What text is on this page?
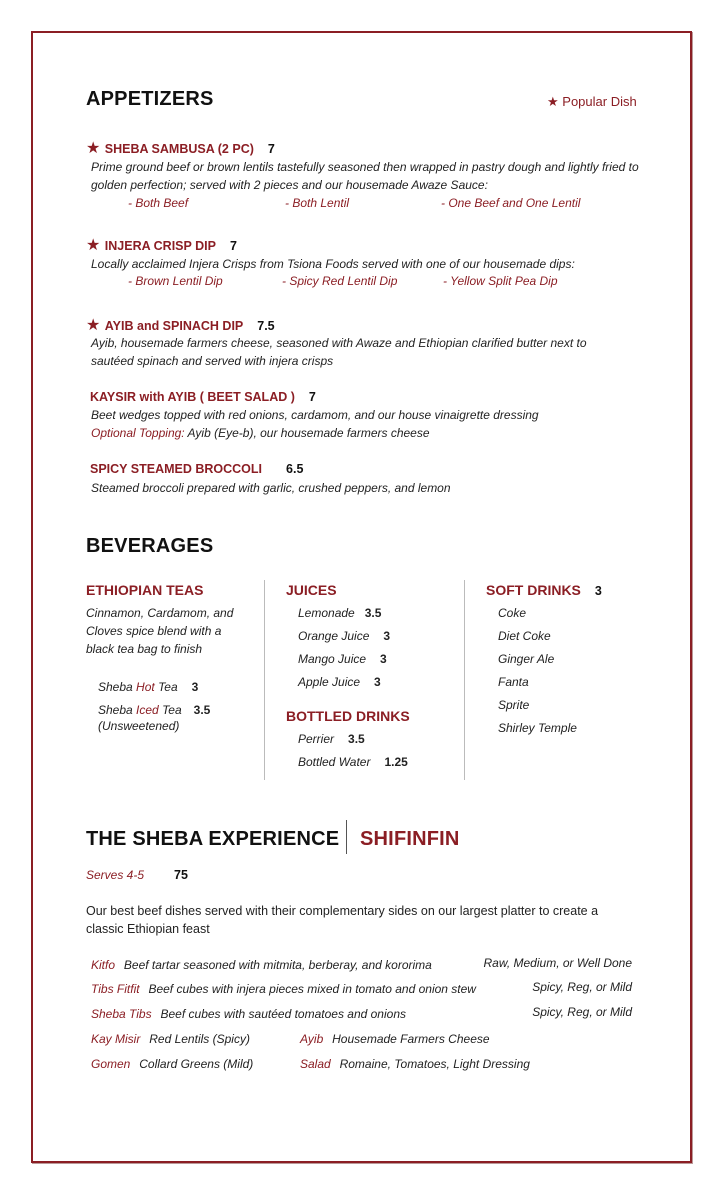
APPETIZERS	★ Popular Dish
★ SHEBA SAMBUSA (2 PC) 7
Prime ground beef or brown lentils tastefully seasoned then wrapped in pastry dough and lightly fried to
golden perfection; served with 2 pieces and our housemade Awaze Sauce:
- Both Beef	- Both Lentil	- One Beef and One Lentil
★ INJERA CRISP DIP 7
Locally acclaimed Injera Crisps from Tsiona Foods served with one of our housemade dips:
- Brown Lentil Dip	- Spicy Red Lentil Dip	- Yellow Split Pea Dip
★ AYIB and SPINACH DIP 7.5
Ayib, housemade farmers cheese, seasoned with Awaze and Ethiopian clarified butter next to
sautéed spinach and served with injera crisps
KAYSIR with AYIB ( BEET SALAD ) 7
Beet wedges topped with red onions, cardamom, and our house vinaigrette dressing
Optional Topping: Ayib (Eye-b), our housemade farmers cheese
SPICY STEAMED BROCCOLI 6.5
Steamed broccoli prepared with garlic, crushed peppers, and lemon
BEVERAGES
ETHIOPIAN TEAS
Cinnamon, Cardamom, and
Cloves spice blend with a
black tea bag to finish
Sheba Hot Tea 3
Sheba Iced Tea 3.5
(Unsweetened)
JUICES
Lemonade 3.5
Orange Juice 3
Mango Juice 3
Apple Juice 3
BOTTLED DRINKS
Perrier 3.5
Bottled Water 1.25
SOFT DRINKS 3
Coke
Diet Coke
Ginger Ale
Fanta
Sprite
Shirley Temple
THE SHEBA EXPERIENCE SHIFINFIN
Serves 4-5 75
Our best beef dishes served with their complementary sides on our largest platter to create a
classic Ethiopian feast
Kitfo Beef tartar seasoned with mitmita, berberay, and kororima	Raw, Medium, or Well Done
Tibs Fitfit Beef cubes with injera pieces mixed in tomato and onion stew	Spicy, Reg, or Mild
Sheba Tibs Beef cubes with sautéed tomatoes and onions	Spicy, Reg, or Mild
Kay Misir Red Lentils (Spicy)	Ayib Housemade Farmers Cheese
Gomen Collard Greens (Mild)	Salad Romaine, Tomatoes, Light Dressing
